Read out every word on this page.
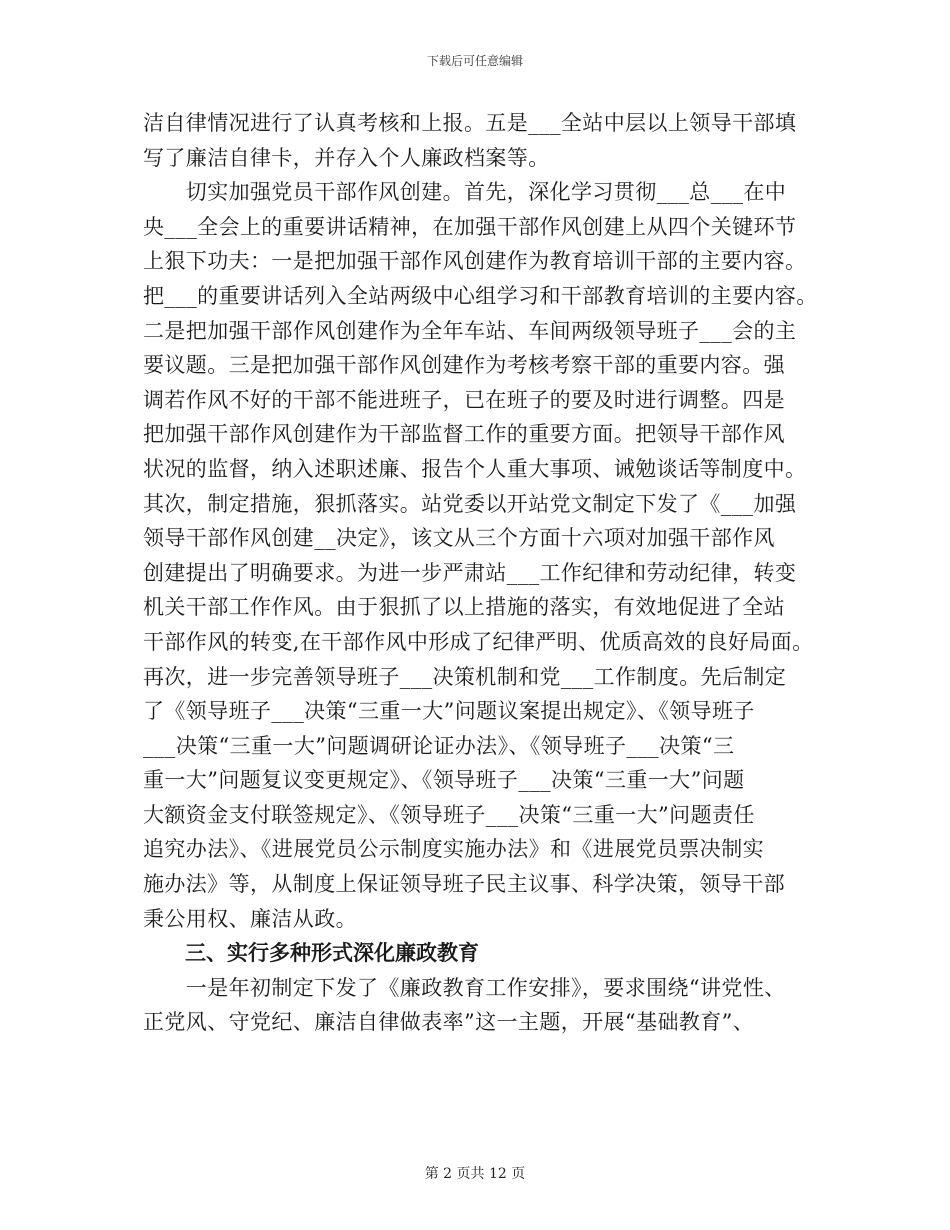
下载后可任意编辑
洁自律情况进行了认真考核和上报。五是___全站中层以上领导干部填
写了廉洁自律卡，并存入个人廉政档案等。
　　切实加强党员干部作风创建。首先，深化学习贯彻___总___在中
央___全会上的重要讲话精神，在加强干部作风创建上从四个关键环节
上狠下功夫：一是把加强干部作风创建作为教育培训干部的主要内容。
把___的重要讲话列入全站两级中心组学习和干部教育培训的主要内容。
二是把加强干部作风创建作为全年车站、车间两级领导班子___会的主
要议题。三是把加强干部作风创建作为考核考察干部的重要内容。强
调若作风不好的干部不能进班子，已在班子的要及时进行调整。四是
把加强干部作风创建作为干部监督工作的重要方面。把领导干部作风
状况的监督，纳入述职述廉、报告个人重大事项、诫勉谈话等制度中。
其次，制定措施，狠抓落实。站党委以开站党文制定下发了《___加强
领导干部作风创建__决定》，该文从三个方面十六项对加强干部作风
创建提出了明确要求。为进一步严肃站___工作纪律和劳动纪律，转变
机关干部工作作风。由于狠抓了以上措施的落实，有效地促进了全站
干部作风的转变,在干部作风中形成了纪律严明、优质高效的良好局面。
再次，进一步完善领导班子___决策机制和党___工作制度。先后制定
了《领导班子___决策“三重一大”问题议案提出规定》、《领导班子
___决策“三重一大”问题调研论证办法》、《领导班子___决策“三
重一大”问题复议变更规定》、《领导班子___决策“三重一大”问题
大额资金支付联签规定》、《领导班子___决策“三重一大”问题责任
追究办法》、《进展党员公示制度实施办法》和《进展党员票决制实
施办法》等，从制度上保证领导班子民主议事、科学决策，领导干部
秉公用权、廉洁从政。
三、实行多种形式深化廉政教育
　　一是年初制定下发了《廉政教育工作安排》，要求围绕“讲党性、
正党风、守党纪、廉洁自律做表率”这一主题，开展“基础教育”、
第 2 页共 12 页
